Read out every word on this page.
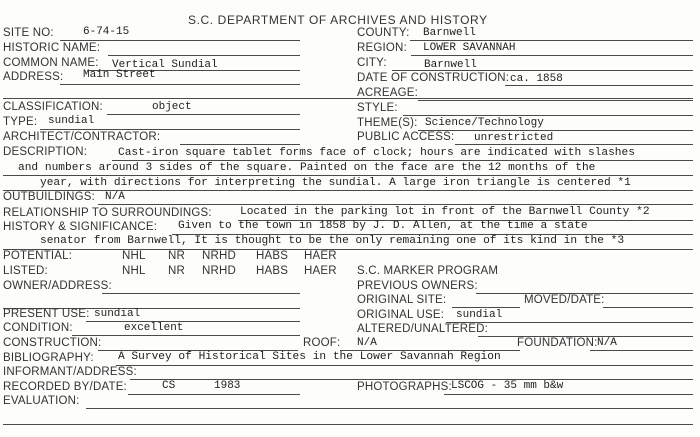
S.C. DEPARTMENT OF ARCHIVES AND HISTORY
SITE NO:	6-74-15	COUNTY: Barnwell
HISTORIC NAME:	REGION: LOWER SAVANNAH
COMMON NAME: Vertical Sundial	CITY:	Barnwell
ADDRESS: Main Street	DATE OF CONSTRUCTION: ca. 1858
ACREAGE:
CLASSIFICATION:	object	STYLE:
TYPE: sundial	THEME(S): Science/Technology
ARCHITECT/CONTRACTOR:	PUBLIC ACCESS: unrestricted
DESCRIPTION:	Cast-iron square tablet forms face of clock; hours are indicated with slashes
and numbers around 3 sides of the square. Painted on the face are the 12 months of the
year, with directions for interpreting the sundial. A large iron triangle is centered *1
OUTBUILDINGS: N/A
RELATIONSHIP TO SURROUNDINGS:	Located in the parking lot in front of the Barnwell County *2
HISTORY & SIGNIFICANCE: Given to the town in 1858 by J. D. Allen, at the time a state
senator from Barnwell, It is thought to be the only remaining one of its kind in the *3
POTENTIAL:	NHL NR NRHD HABS HAER
LISTED:	NHL NR NRHD HABS HAER S.C. MARKER PROGRAM
OWNER/ADDRESS:	PREVIOUS OWNERS:
ORIGINAL SITE:	MOVED/DATE:
PRESENT USE: sundial	ORIGINAL USE: sundial
CONDITION:	excellent	ALTERED/UNALTERED:
CONSTRUCTION:	ROOF: N/A	FOUNDATION: N/A
BIBLIOGRAPHY: A Survey of Historical Sites in the Lower Savannah Region
INFORMANT/ADDRESS:
RECORDED BY/DATE:	CS	1983	PHOTOGRAPHS: LSCOG - 35 mm b&w
EVALUATION:
